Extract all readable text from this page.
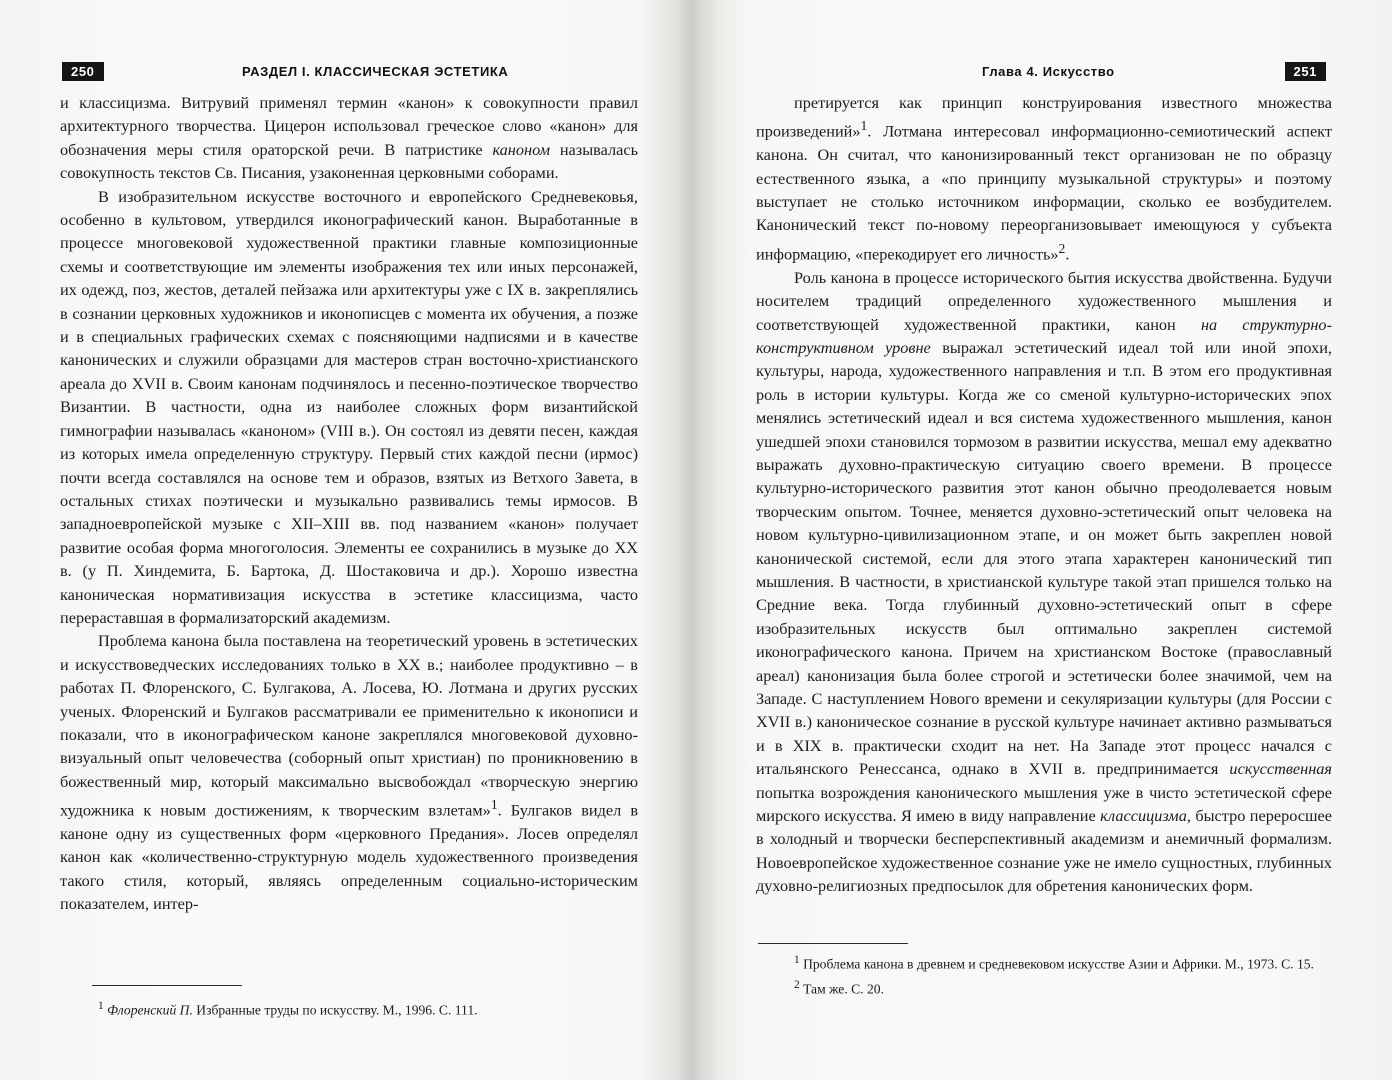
250	РАЗДЕЛ I. КЛАССИЧЕСКАЯ ЭСТЕТИКА

и классицизма. Витрувий применял термин «канон» к совокупности правил архитектурного творчества. Цицерон использовал греческое слово «канон» для обозначения меры стиля ораторской речи. В патристике каноном называлась совокупность текстов Св. Писания, узаконенная церковными соборами.

В изобразительном искусстве восточного и европейского Средневековья, особенно в культовом, утвердился иконографический канон. Выработанные в процессе многовековой художественной практики главные композиционные схемы и соответствующие им элементы изображения тех или иных персонажей, их одежд, поз, жестов, деталей пейзажа или архитектуры уже с IX в. закреплялись в сознании церковных художников и иконописцев с момента их обучения, а позже и в специальных графических схемах с поясняющими надписями и в качестве канонических и служили образцами для мастеров стран восточно-христианского ареала до XVII в. Своим канонам подчинялось и песенно-поэтическое творчество Византии. В частности, одна из наиболее сложных форм византийской гимнографии называлась «каноном» (VIII в.). Он состоял из девяти песен, каждая из которых имела определенную структуру. Первый стих каждой песни (ирмос) почти всегда составлялся на основе тем и образов, взятых из Ветхого Завета, в остальных стихах поэтически и музыкально развивались темы ирмосов. В западноевропейской музыке с XII–XIII вв. под названием «канон» получает развитие особая форма многоголосия. Элементы ее сохранились в музыке до XX в. (у П. Хиндемита, Б. Бартока, Д. Шостаковича и др.). Хорошо известна каноническая нормативизация искусства в эстетике классицизма, часто перераставшая в формализаторский академизм.

Проблема канона была поставлена на теоретический уровень в эстетических и искусствоведческих исследованиях только в XX в.; наиболее продуктивно – в работах П. Флоренского, С. Булгакова, А. Лосева, Ю. Лотмана и других русских ученых. Флоренский и Булгаков рассматривали ее применительно к иконописи и показали, что в иконографическом каноне закреплялся многовековой духовно-визуальный опыт человечества (соборный опыт христиан) по проникновению в божественный мир, который максимально высвобождал «творческую энергию художника к новым достижениям, к творческим взлетам»$^1$. Булгаков видел в каноне одну из существенных форм «церковного Предания». Лосев определял канон как «количественно-структурную модель художественного произведения такого стиля, который, являясь определенным социально-историческим показателем, интер-

$^1$ Флоренский П. Избранные труды по искусству. М., 1996. С. 111.

Глава 4. Искусство	251

претируется как принцип конструирования известного множества произведений»$^1$. Лотмана интересовал информационно-семиотический аспект канона. Он считал, что канонизированный текст организован не по образцу естественного языка, а «по принципу музыкальной структуры» и поэтому выступает не столько источником информации, сколько ее возбудителем. Канонический текст по-новому переорганизовывает имеющуюся у субъекта информацию, «перекодирует его личность»$^2$.

Роль канона в процессе исторического бытия искусства двойственна. Будучи носителем традиций определенного художественного мышления и соответствующей художественной практики, канон на структурно-конструктивном уровне выражал эстетический идеал той или иной эпохи, культуры, народа, художественного направления и т.п. В этом его продуктивная роль в истории культуры. Когда же со сменой культурно-исторических эпох менялись эстетический идеал и вся система художественного мышления, канон ушедшей эпохи становился тормозом в развитии искусства, мешал ему адекватно выражать духовно-практическую ситуацию своего времени. В процессе культурно-исторического развития этот канон обычно преодолевается новым творческим опытом. Точнее, меняется духовно-эстетический опыт человека на новом культурно-цивилизационном этапе, и он может быть закреплен новой канонической системой, если для этого этапа характерен канонический тип мышления. В частности, в христианской культуре такой этап пришелся только на Средние века. Тогда глубинный духовно-эстетический опыт в сфере изобразительных искусств был оптимально закреплен системой иконографического канона. Причем на христианском Востоке (православный ареал) канонизация была более строгой и эстетически более значимой, чем на Западе. С наступлением Нового времени и секуляризации культуры (для России с XVII в.) каноническое сознание в русской культуре начинает активно размываться и в XIX в. практически сходит на нет. На Западе этот процесс начался с итальянского Ренессанса, однако в XVII в. предпринимается искусственная попытка возрождения канонического мышления уже в чисто эстетической сфере мирского искусства. Я имею в виду направление классицизма, быстро переросшее в холодный и творчески бесперспективный академизм и анемичный формализм. Новоевропейское художественное сознание уже не имело сущностных, глубинных духовно-религиозных предпосылок для обретения канонических форм.

$^1$ Проблема канона в древнем и средневековом искусстве Азии и Африки. М., 1973. С. 15.

$^2$ Там же. С. 20.
